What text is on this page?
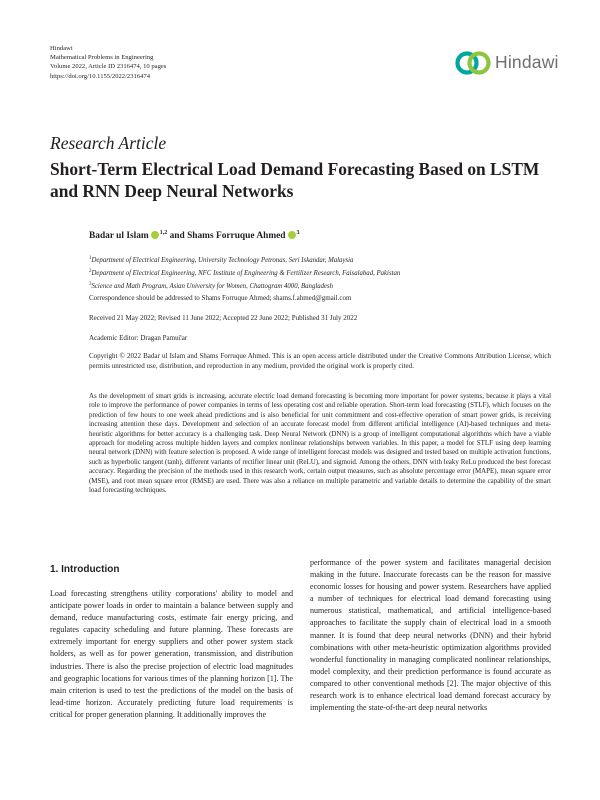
Hindawi
Mathematical Problems in Engineering
Volume 2022, Article ID 2316474, 10 pages
https://doi.org/10.1155/2022/2316474
Hindawi
Research Article
Short-Term Electrical Load Demand Forecasting Based on LSTM and RNN Deep Neural Networks
Badar ul Islam $^{1,2}$ and Shams Forruque Ahmed $^3$
$^1$Department of Electrical Engineering, University Technology Petronas, Seri Iskandar, Malaysia
$^2$Department of Electrical Engineering, NFC Institute of Engineering & Fertilizer Research, Faisalabad, Pakistan
$^3$Science and Math Program, Asian University for Women, Chattogram 4000, Bangladesh
Correspondence should be addressed to Shams Forruque Ahmed; shams.f.ahmed@gmail.com
Received 21 May 2022; Revised 11 June 2022; Accepted 22 June 2022; Published 31 July 2022
Academic Editor: Dragan Pamučar
Copyright © 2022 Badar ul Islam and Shams Forruque Ahmed. This is an open access article distributed under the Creative Commons Attribution License, which permits unrestricted use, distribution, and reproduction in any medium, provided the original work is properly cited.
As the development of smart grids is increasing, accurate electric load demand forecasting is becoming more important for power systems, because it plays a vital role to improve the performance of power companies in terms of less operating cost and reliable operation. Short-term load forecasting (STLF), which focuses on the prediction of few hours to one week ahead predictions and is also beneficial for unit commitment and cost-effective operation of smart power grids, is receiving increasing attention these days. Development and selection of an accurate forecast model from different artificial intelligence (AI)-based techniques and meta-heuristic algorithms for better accuracy is a challenging task. Deep Neural Network (DNN) is a group of intelligent computational algorithms which have a viable approach for modeling across multiple hidden layers and complex nonlinear relationships between variables. In this paper, a model for STLF using deep learning neural network (DNN) with feature selection is proposed. A wide range of intelligent forecast models was designed and tested based on multiple activation functions, such as hyperbolic tangent (tanh), different variants of rectifier linear unit (ReLU), and sigmoid. Among the others, DNN with leaky ReLu produced the best forecast accuracy. Regarding the precision of the methods used in this research work, certain output measures, such as absolute percentage error (MAPE), mean square error (MSE), and root mean square error (RMSE) are used. There was also a reliance on multiple parametric and variable details to determine the capability of the smart load forecasting techniques.
1. Introduction
Load forecasting strengthens utility corporations' ability to model and anticipate power loads in order to maintain a balance between supply and demand, reduce manufacturing costs, estimate fair energy pricing, and regulates capacity scheduling and future planning. These forecasts are extremely important for energy suppliers and other power system stack holders, as well as for power generation, transmission, and distribution industries. There is also the precise projection of electric load magnitudes and geographic locations for various times of the planning horizon [1]. The main criterion is used to test the predictions of the model on the basis of lead-time horizon. Accurately predicting future load requirements is critical for proper generation planning. It additionally improves the
performance of the power system and facilitates managerial decision making in the future. Inaccurate forecasts can be the reason for massive economic losses for housing and power system. Researchers have applied a number of techniques for electrical load demand forecasting using numerous statistical, mathematical, and artificial intelligence-based approaches to facilitate the supply chain of electrical load in a smooth manner. It is found that deep neural networks (DNN) and their hybrid combinations with other meta-heuristic optimization algorithms provided wonderful functionality in managing complicated nonlinear relationships, model complexity, and their prediction performance is found accurate as compared to other conventional methods [2]. The major objective of this research work is to enhance electrical load demand forecast accuracy by implementing the state-of-the-art deep neural networks
